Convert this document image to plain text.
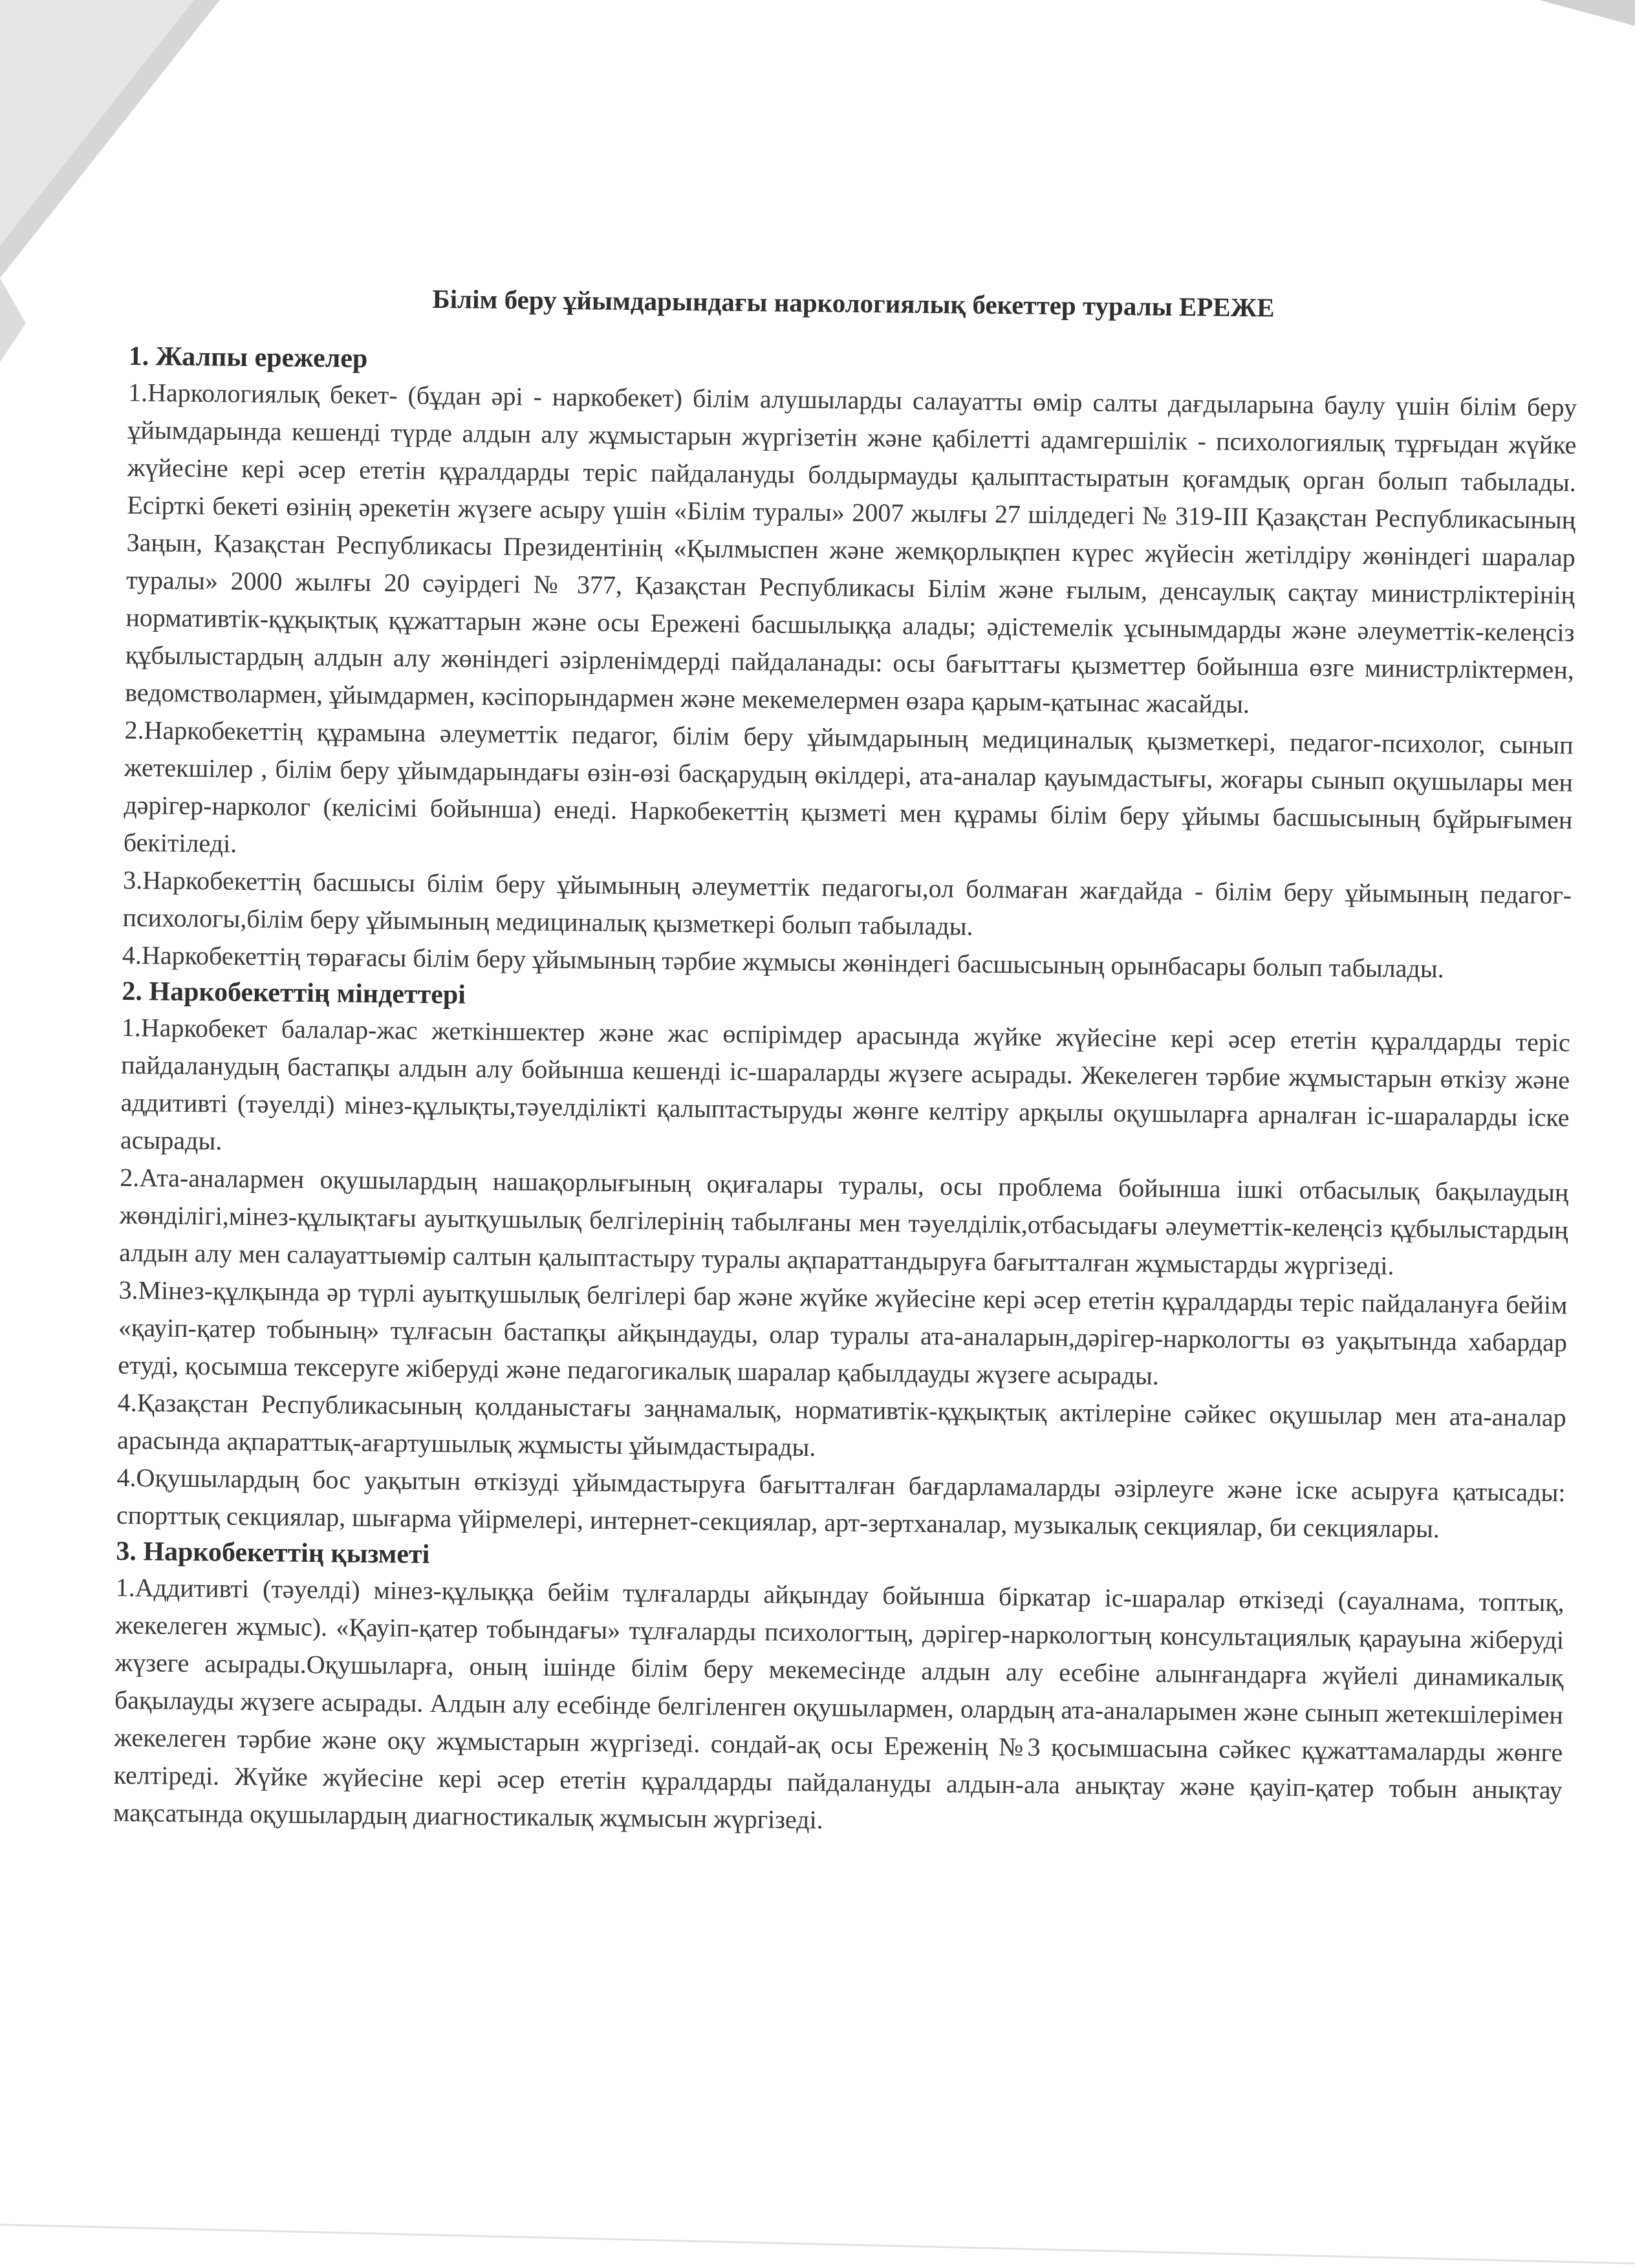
Білім беру ұйымдарындағы наркологиялық бекеттер туралы ЕРЕЖЕ

1. Жалпы ережелер

1.Наркологиялық бекет- (бұдан әрі - наркобекет) білім алушыларды салауатты өмір салты дағдыларына баулу үшін білім беру ұйымдарында кешенді түрде алдын алу жұмыстарын жүргізетін және қабілетті адамгершілік - психологиялық тұрғыдан жүйке жүйесіне кері әсер ететін құралдарды теріс пайдалануды болдырмауды қалыптастыратын қоғамдық орган болып табылады. Есірткі бекеті өзінің әрекетін жүзеге асыру үшін «Білім туралы» 2007 жылғы 27 шілдедегі № 319-ІІІ Қазақстан Республикасының Заңын, Қазақстан Республикасы Президентінің «Қылмыспен және жемқорлықпен күрес жүйесін жетілдіру жөніндегі шаралар туралы» 2000 жылғы 20 сәуірдегі № 377, Қазақстан Республикасы Білім және ғылым, денсаулық сақтау министрліктерінің нормативтік-құқықтық құжаттарын және осы Ережені басшылыққа алады; әдістемелік ұсынымдарды және әлеуметтік-келеңсіз құбылыстардың алдын алу жөніндегі әзірленімдерді пайдаланады: осы бағыттағы қызметтер бойынша өзге министрліктермен, ведомстволармен, ұйымдармен, кәсіпорындармен және мекемелермен өзара қарым-қатынас жасайды.

2.Наркобекеттің құрамына әлеуметтік педагог, білім беру ұйымдарының медициналық қызметкері, педагог-психолог, сынып жетекшілер , білім беру ұйымдарындағы өзін-өзі басқарудың өкілдері, ата-аналар қауымдастығы, жоғары сынып оқушылары мен дәрігер-нарколог (келісімі бойынша) енеді. Наркобекеттің қызметі мен құрамы білім беру ұйымы басшысының бұйрығымен бекітіледі.

3.Наркобекеттің басшысы білім беру ұйымының әлеуметтік педагогы,ол болмаған жағдайда - білім беру ұйымының педагог-психологы,білім беру ұйымының медициналық қызметкері болып табылады.

4.Наркобекеттің төрағасы білім беру ұйымының тәрбие жұмысы жөніндегі басшысының орынбасары болып табылады.

2. Наркобекеттің міндеттері

1.Наркобекет балалар-жас жеткіншектер және жас өспірімдер арасында жүйке жүйесіне кері әсер ететін құралдарды теріс пайдаланудың бастапқы алдын алу бойынша кешенді іс-шараларды жүзеге асырады. Жекелеген тәрбие жұмыстарын өткізу және аддитивті (тәуелді) мінез-құлықты,тәуелділікті қалыптастыруды жөнге келтіру арқылы оқушыларға арналған іс-шараларды іске асырады.

2.Ата-аналармен оқушылардың нашақорлығының оқиғалары туралы, осы проблема бойынша ішкі отбасылық бақылаудың жөнділігі,мінез-құлықтағы ауытқушылық белгілерінің табылғаны мен тәуелділік,отбасыдағы әлеуметтік-келеңсіз құбылыстардың алдын алу мен салауаттыөмір салтын қалыптастыру туралы ақпараттандыруға бағытталған жұмыстарды жүргізеді.

3.Мінез-құлқында әр түрлі ауытқушылық белгілері бар және жүйке жүйесіне кері әсер ететін құралдарды теріс пайдалануға бейім «қауіп-қатер тобының» тұлғасын бастапқы айқындауды, олар туралы ата-аналарын,дәрігер-наркологты өз уақытында хабардар етуді, қосымша тексеруге жіберуді және педагогикалық шаралар қабылдауды жүзеге асырады.

4.Қазақстан Республикасының қолданыстағы заңнамалық, нормативтік-құқықтық актілеріне сәйкес оқушылар мен ата-аналар арасында ақпараттық-ағартушылық жұмысты ұйымдастырады.

4.Оқушылардың бос уақытын өткізуді ұйымдастыруға бағытталған бағдарламаларды әзірлеуге және іске асыруға қатысады: спорттық секциялар, шығарма үйірмелері, интернет-секциялар, арт-зертханалар, музыкалық секциялар, би секциялары.

3. Наркобекеттің қызметі

1.Аддитивті (тәуелді) мінез-құлыққа бейім тұлғаларды айқындау бойынша біркатар іс-шаралар өткізеді (сауалнама, топтық, жекелеген жұмыс). «Қауіп-қатер тобындағы» тұлғаларды психологтың, дәрігер-наркологтың консультациялық қарауына жіберуді жүзеге асырады.Оқушыларға, оның ішінде білім беру мекемесінде алдын алу есебіне алынғандарға жүйелі динамикалық бақылауды жүзеге асырады. Алдын алу есебінде белгіленген оқушылармен, олардың ата-аналарымен және сынып жетекшілерімен жекелеген тәрбие және оқу жұмыстарын жүргізеді. сондай-ақ осы Ереженің №3 қосымшасына сәйкес құжаттамаларды жөнге келтіреді. Жүйке жүйесіне кері әсер ететін құралдарды пайдалануды алдын-ала анықтау және қауіп-қатер тобын анықтау мақсатында оқушылардың диагностикалық жұмысын жүргізеді.
